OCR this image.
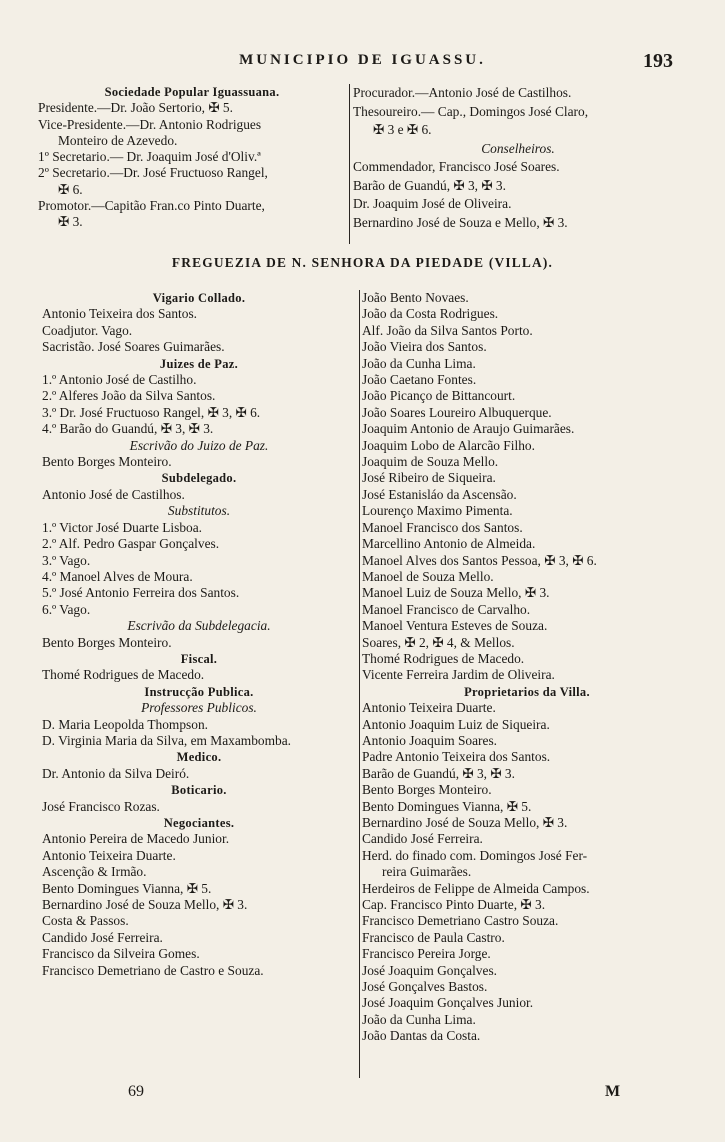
MUNICIPIO DE IGUASSU.	193
Sociedade Popular Iguassuana.
Presidente.—Dr. João Sertorio, ✠ 5.
Vice-Presidente.—Dr. Antonio Rodrigues
Monteiro de Azevedo.
1º Secretario.— Dr. Joaquim José d'Oliv.ª
2º Secretario.—Dr. José Fructuoso Rangel,
✠ 6.
Promotor.—Capitão Fran.co Pinto Duarte,
✠ 3.
Procurador.—Antonio José de Castilhos.
Thesoureiro.— Cap., Domingos José Claro,
✠ 3 e ✠ 6.
Conselheiros.
Commendador, Francisco José Soares.
Barão de Guandú, ✠ 3, ✠ 3.
Dr. Joaquim José de Oliveira.
Bernardino José de Souza e Mello, ✠ 3.
FREGUEZIA DE N. SENHORA DA PIEDADE (VILLA).
Vigario Collado.
Antonio Teixeira dos Santos.
Coadjutor. Vago.
Sacristão. José Soares Guimarães.
Juizes de Paz.
1.º Antonio José de Castilho.
2.º Alferes João da Silva Santos.
3.º Dr. José Fructuoso Rangel, ✠ 3, ✠ 6.
4.º Barão do Guandú, ✠ 3, ✠ 3.
Escrivão do Juizo de Paz.
Bento Borges Monteiro.
Subdelegado.
Antonio José de Castilhos.
Substitutos.
1.º Victor José Duarte Lisboa.
2.º Alf. Pedro Gaspar Gonçalves.
3.º Vago.
4.º Manoel Alves de Moura.
5.º José Antonio Ferreira dos Santos.
6.º Vago.
Escrivão da Subdelegacia.
Bento Borges Monteiro.
Fiscal.
Thomé Rodrigues de Macedo.
Instrucção Publica.
Professores Publicos.
D. Maria Leopolda Thompson.
D. Virginia Maria da Silva, em Maxambomba.
Medico.
Dr. Antonio da Silva Deiró.
Boticario.
José Francisco Rozas.
Negociantes.
Antonio Pereira de Macedo Junior.
Antonio Teixeira Duarte.
Ascenção & Irmão.
Bento Domingues Vianna, ✠ 5.
Bernardino José de Souza Mello, ✠ 3.
Costa & Passos.
Candido José Ferreira.
Francisco da Silveira Gomes.
Francisco Demetriano de Castro e Souza.
João Bento Novaes.
João da Costa Rodrigues.
Alf. João da Silva Santos Porto.
João Vieira dos Santos.
João da Cunha Lima.
João Caetano Fontes.
João Picanço de Bittancourt.
João Soares Loureiro Albuquerque.
Joaquim Antonio de Araujo Guimarães.
Joaquim Lobo de Alarcão Filho.
Joaquim de Souza Mello.
José Ribeiro de Siqueira.
José Estanisláo da Ascensão.
Lourenço Maximo Pimenta.
Manoel Francisco dos Santos.
Marcellino Antonio de Almeida.
Manoel Alves dos Santos Pessoa, ✠ 3, ✠ 6.
Manoel de Souza Mello.
Manoel Luiz de Souza Mello, ✠ 3.
Manoel Francisco de Carvalho.
Manoel Ventura Esteves de Souza.
Soares, ✠ 2, ✠ 4, & Mellos.
Thomé Rodrigues de Macedo.
Vicente Ferreira Jardim de Oliveira.
Proprietarios da Villa.
Antonio Teixeira Duarte.
Antonio Joaquim Luiz de Siqueira.
Antonio Joaquim Soares.
Padre Antonio Teixeira dos Santos.
Barão de Guandú, ✠ 3, ✠ 3.
Bento Borges Monteiro.
Bento Domingues Vianna, ✠ 5.
Bernardino José de Souza Mello, ✠ 3.
Candido José Ferreira.
Herd. do finado com. Domingos José Fer-
reira Guimarães.
Herdeiros de Felippe de Almeida Campos.
Cap. Francisco Pinto Duarte, ✠ 3.
Francisco Demetriano Castro Souza.
Francisco de Paula Castro.
Francisco Pereira Jorge.
José Joaquim Gonçalves.
José Gonçalves Bastos.
José Joaquim Gonçalves Junior.
João da Cunha Lima.
João Dantas da Costa.
69	M
